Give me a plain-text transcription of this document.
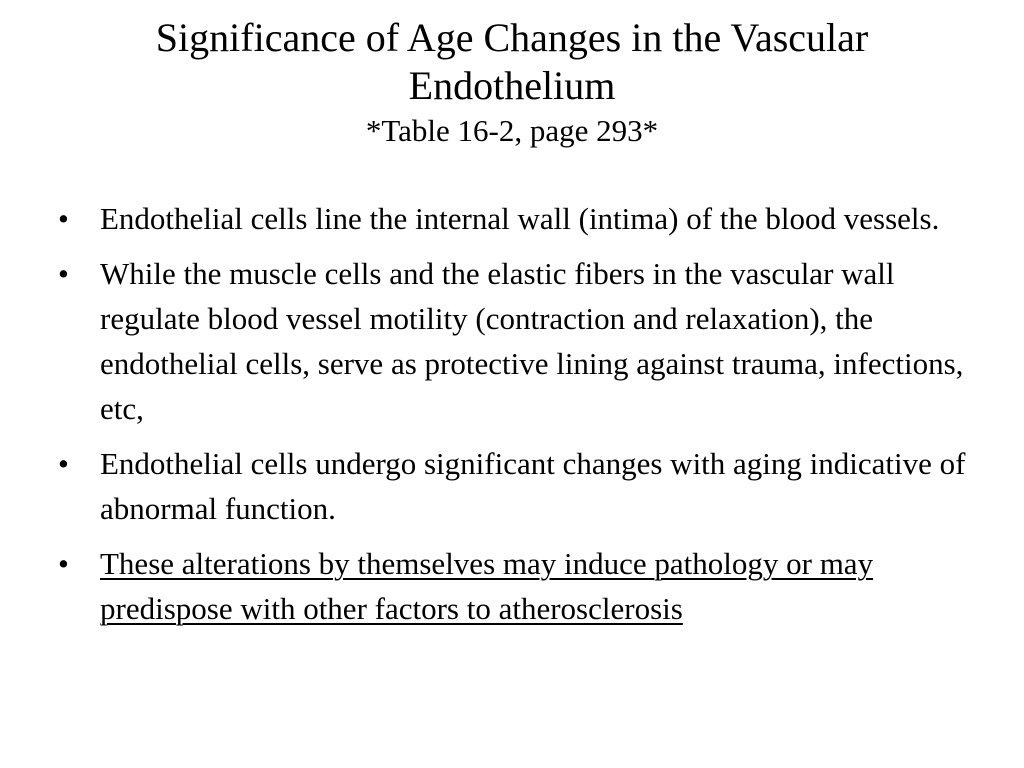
Significance of Age Changes in the Vascular Endothelium
*Table 16-2, page 293*
•	Endothelial cells line the internal wall (intima) of the blood vessels.
•	While the muscle cells and the elastic fibers in the vascular wall regulate blood vessel motility (contraction and relaxation), the endothelial cells, serve as protective lining against trauma, infections, etc,
•	Endothelial cells undergo significant changes with aging indicative of abnormal function.
•	These alterations by themselves may induce pathology or may predispose with other factors to atherosclerosis
